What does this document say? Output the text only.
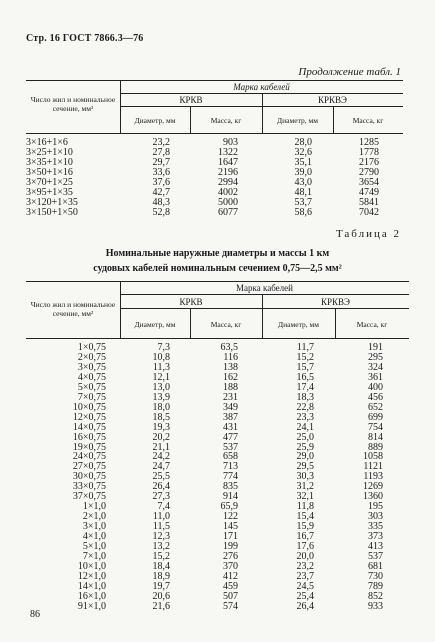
Стр. 16 ГОСТ 7866.3—76
Продолжение табл. 1
Число жил и номинальное сечение, мм²
Марка кабелей
КРКВ	КРКВЭ
Диаметр, мм	Масса, кг	Диаметр, мм	Масса, кг
3×16+1×6	23,2	903	28,0	1285
3×25+1×10	27,8	1322	32,6	1778
3×35+1×10	29,7	1647	35,1	2176
3×50+1×16	33,6	2196	39,0	2790
3×70+1×25	37,6	2994	43,0	3654
3×95+1×35	42,7	4002	48,1	4749
3×120+1×35	48,3	5000	53,7	5841
3×150+1×50	52,8	6077	58,6	7042
Таблица 2
Номинальные наружные диаметры и массы 1 км
судовых кабелей номинальным сечением 0,75—2,5 мм²
Число жил и номинальное сечение, мм²
Марка кабелей
КРКВ	КРКВЭ
Диаметр, мм	Масса, кг	Диаметр, мм	Масса, кг
1×0,75	7,3	63,5	11,7	191
2×0,75	10,8	116	15,2	295
3×0,75	11,3	138	15,7	324
4×0,75	12,1	162	16,5	361
5×0,75	13,0	188	17,4	400
7×0,75	13,9	231	18,3	456
10×0,75	18,0	349	22,8	652
12×0,75	18,5	387	23,3	699
14×0,75	19,3	431	24,1	754
16×0,75	20,2	477	25,0	814
19×0,75	21,1	537	25,9	889
24×0,75	24,2	658	29,0	1058
27×0,75	24,7	713	29,5	1121
30×0,75	25,5	774	30,3	1193
33×0,75	26,4	835	31,2	1269
37×0,75	27,3	914	32,1	1360
1×1,0	7,4	65,9	11,8	195
2×1,0	11,0	122	15,4	303
3×1,0	11,5	145	15,9	335
4×1,0	12,3	171	16,7	373
5×1,0	13,2	199	17,6	413
7×1,0	15,2	276	20,0	537
10×1,0	18,4	370	23,2	681
12×1,0	18,9	412	23,7	730
14×1,0	19,7	459	24,5	789
16×1,0	20,6	507	25,4	852
91×1,0	21,6	574	26,4	933
86
